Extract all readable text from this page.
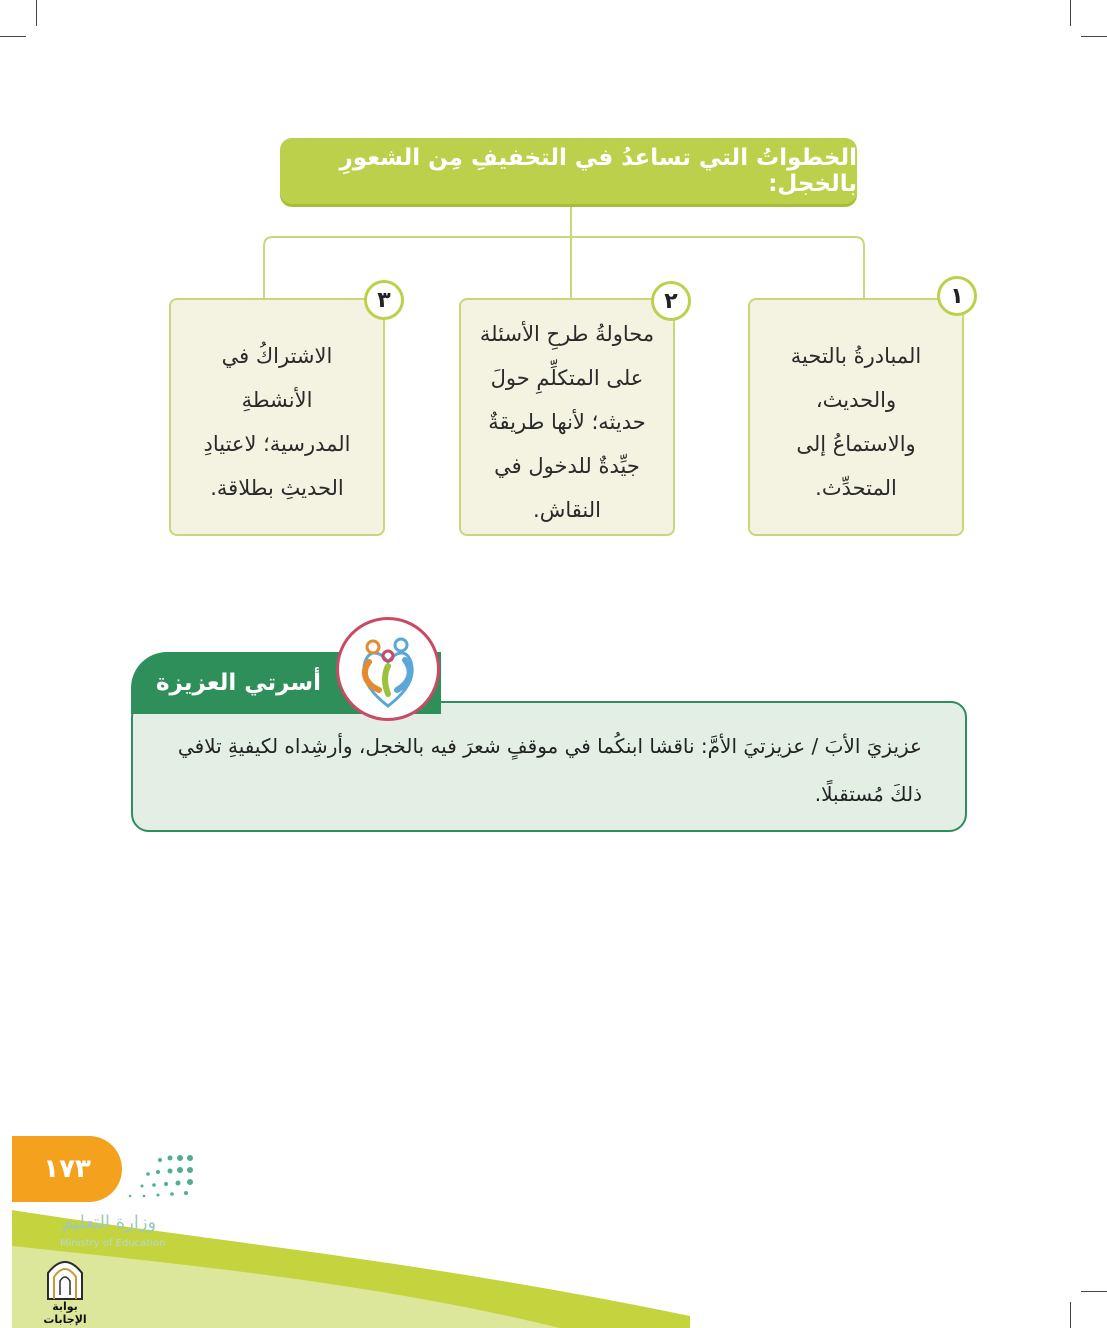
الخطواتُ التي تساعدُ في التخفيفِ مِن الشعورِ بالخجل:
المبادرةُ بالتحية
والحديث،
والاستماعُ إلى
المتحدِّث.
١
محاولةُ طرحِ الأسئلة
على المتكلِّمِ حولَ
حديثه؛ لأنها طريقةٌ
جيِّدةٌ للدخول في
النقاش.
٢
الاشتراكُ في الأنشطةِ
المدرسية؛ لاعتيادِ
الحديثِ بطلاقة.
٣
أسرتي العزيزة
عزيزيَ الأبَ / عزيزتيَ الأمَّ: ناقشا ابنكُما في موقفٍ شعرَ فيه بالخجل، وأرشِداه لكيفيةِ تلافي ذلكَ مُستقبلًا.
١٧٣
وزارة التعليم
Ministry of Education
بوابة الإجابات
